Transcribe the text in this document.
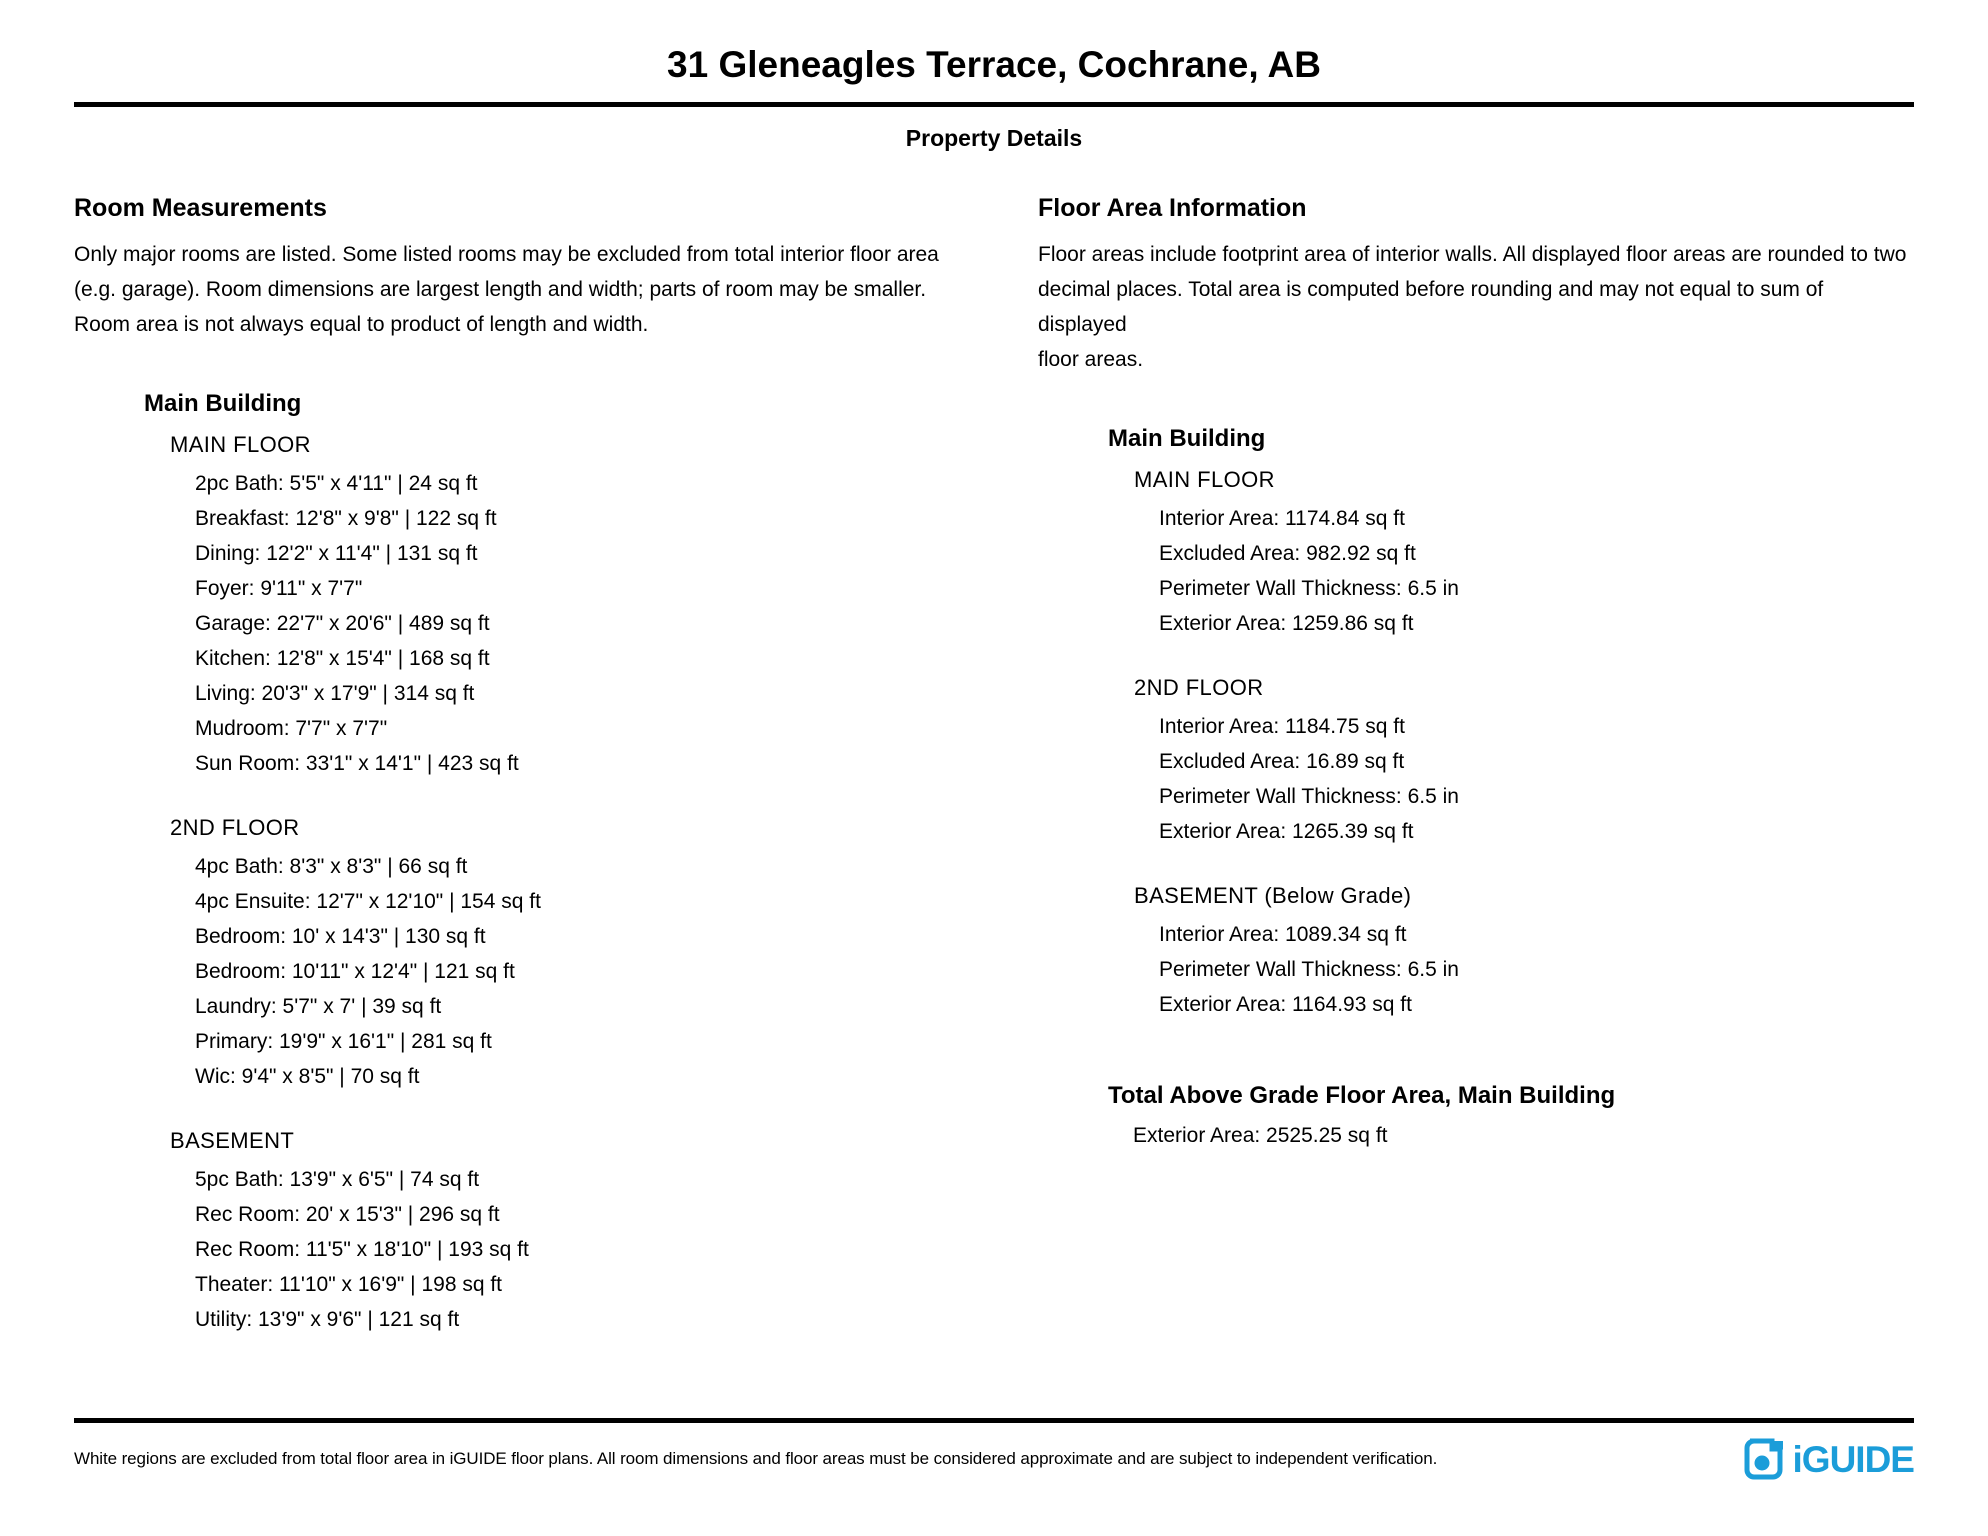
31 Gleneagles Terrace, Cochrane, AB
Property Details
Room Measurements
Only major rooms are listed. Some listed rooms may be excluded from total interior floor area
(e.g. garage). Room dimensions are largest length and width; parts of room may be smaller.
Room area is not always equal to product of length and width.
Main Building
MAIN FLOOR
2pc Bath: 5'5" x 4'11" | 24 sq ft
Breakfast: 12'8" x 9'8" | 122 sq ft
Dining: 12'2" x 11'4" | 131 sq ft
Foyer: 9'11" x 7'7"
Garage: 22'7" x 20'6" | 489 sq ft
Kitchen: 12'8" x 15'4" | 168 sq ft
Living: 20'3" x 17'9" | 314 sq ft
Mudroom: 7'7" x 7'7"
Sun Room: 33'1" x 14'1" | 423 sq ft
2ND FLOOR
4pc Bath: 8'3" x 8'3" | 66 sq ft
4pc Ensuite: 12'7" x 12'10" | 154 sq ft
Bedroom: 10' x 14'3" | 130 sq ft
Bedroom: 10'11" x 12'4" | 121 sq ft
Laundry: 5'7" x 7' | 39 sq ft
Primary: 19'9" x 16'1" | 281 sq ft
Wic: 9'4" x 8'5" | 70 sq ft
BASEMENT
5pc Bath: 13'9" x 6'5" | 74 sq ft
Rec Room: 20' x 15'3" | 296 sq ft
Rec Room: 11'5" x 18'10" | 193 sq ft
Theater: 11'10" x 16'9" | 198 sq ft
Utility: 13'9" x 9'6" | 121 sq ft
Floor Area Information
Floor areas include footprint area of interior walls. All displayed floor areas are rounded to two
decimal places. Total area is computed before rounding and may not equal to sum of displayed
floor areas.
Main Building
MAIN FLOOR
Interior Area: 1174.84 sq ft
Excluded Area: 982.92 sq ft
Perimeter Wall Thickness: 6.5 in
Exterior Area: 1259.86 sq ft
2ND FLOOR
Interior Area: 1184.75 sq ft
Excluded Area: 16.89 sq ft
Perimeter Wall Thickness: 6.5 in
Exterior Area: 1265.39 sq ft
BASEMENT (Below Grade)
Interior Area: 1089.34 sq ft
Perimeter Wall Thickness: 6.5 in
Exterior Area: 1164.93 sq ft
Total Above Grade Floor Area, Main Building
Exterior Area: 2525.25 sq ft
White regions are excluded from total floor area in iGUIDE floor plans. All room dimensions and floor areas must be considered approximate and are subject to independent verification.	iGUIDE
